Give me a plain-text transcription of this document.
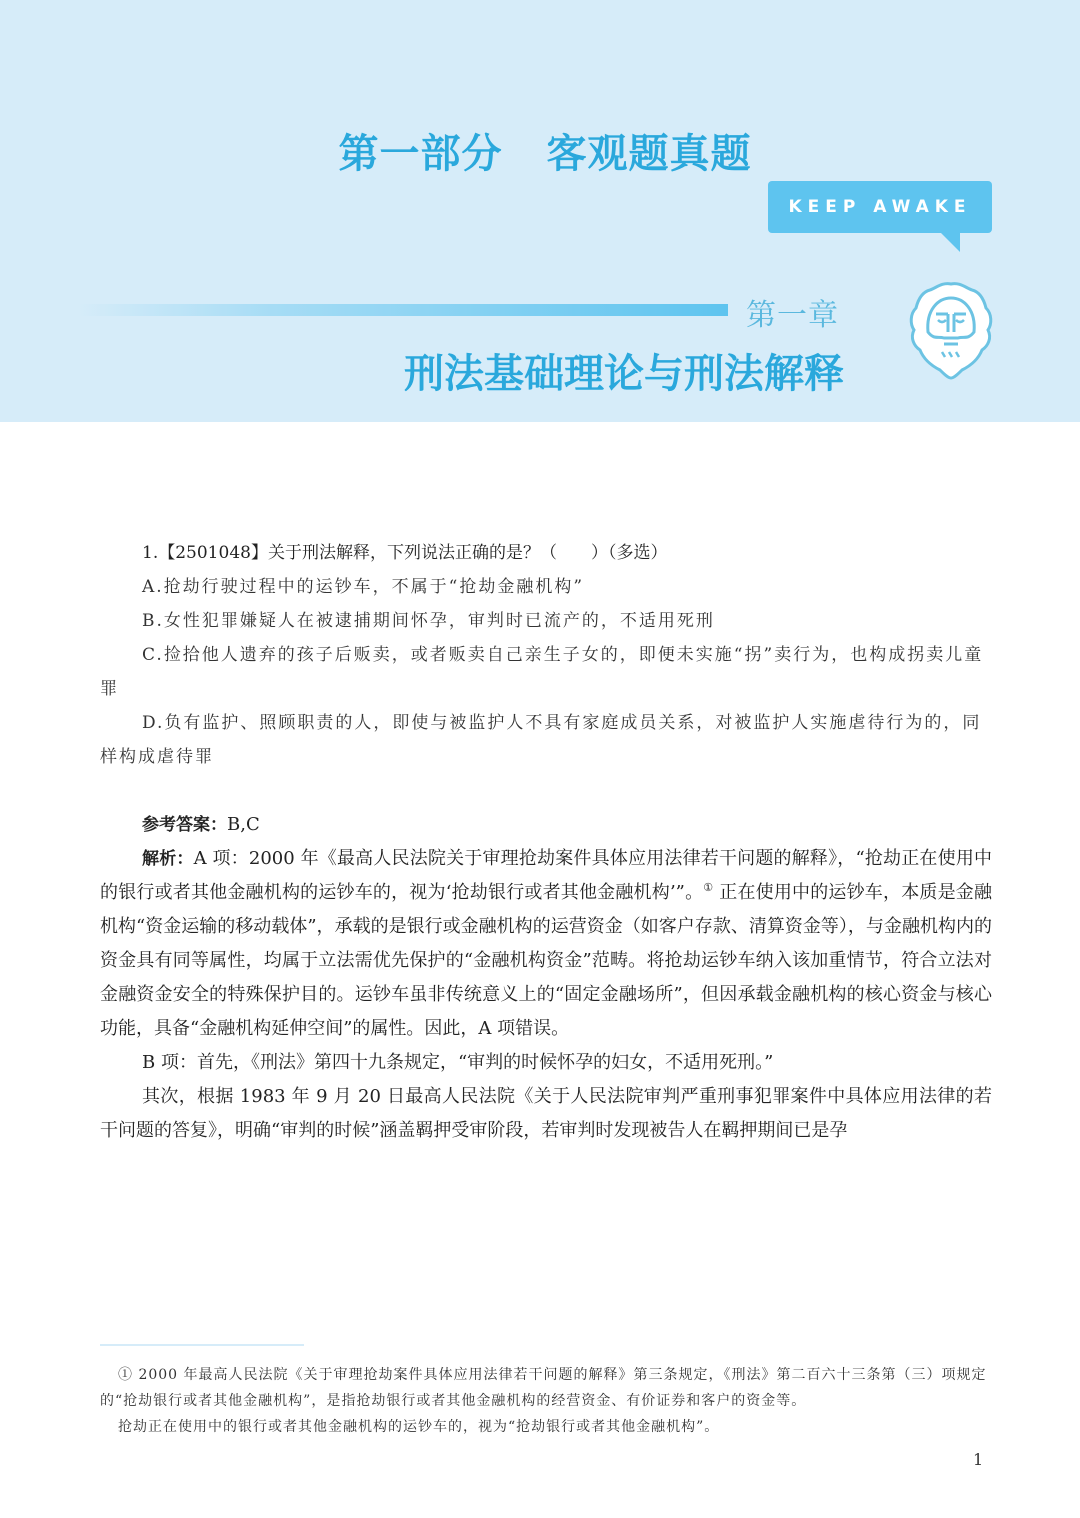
第一部分 客观题真题
KEEP AWAKE
第一章
刑法基础理论与刑法解释
1.【2501048】关于刑法解释，下列说法正确的是？（　　）（多选）
A.抢劫行驶过程中的运钞车，不属于“抢劫金融机构”
B.女性犯罪嫌疑人在被逮捕期间怀孕，审判时已流产的，不适用死刑
C.捡拾他人遗弃的孩子后贩卖，或者贩卖自己亲生子女的，即便未实施“拐”卖行为，也构成拐卖儿童罪
D.负有监护、照顾职责的人，即使与被监护人不具有家庭成员关系，对被监护人实施虐待行为的，同样构成虐待罪
参考答案：B,C
解析：A 项：2000 年《最高人民法院关于审理抢劫案件具体应用法律若干问题的解释》，“抢劫正在使用中的银行或者其他金融机构的运钞车的，视为‘抢劫银行或者其他金融机构’”。① 正在使用中的运钞车，本质是金融机构“资金运输的移动载体”，承载的是银行或金融机构的运营资金（如客户存款、清算资金等），与金融机构内的资金具有同等属性，均属于立法需优先保护的“金融机构资金”范畴。将抢劫运钞车纳入该加重情节，符合立法对金融资金安全的特殊保护目的。运钞车虽非传统意义上的“固定金融场所”，但因承载金融机构的核心资金与核心功能，具备“金融机构延伸空间”的属性。因此，A 项错误。
B 项：首先，《刑法》第四十九条规定，“审判的时候怀孕的妇女，不适用死刑。”
其次，根据 1983 年 9 月 20 日最高人民法院《关于人民法院审判严重刑事犯罪案件中具体应用法律的若干问题的答复》，明确“审判的时候”涵盖羁押受审阶段，若审判时发现被告人在羁押期间已是孕
① 2000 年最高人民法院《关于审理抢劫案件具体应用法律若干问题的解释》第三条规定，《刑法》第二百六十三条第（三）项规定的“抢劫银行或者其他金融机构”，是指抢劫银行或者其他金融机构的经营资金、有价证券和客户的资金等。
抢劫正在使用中的银行或者其他金融机构的运钞车的，视为“抢劫银行或者其他金融机构”。
1
